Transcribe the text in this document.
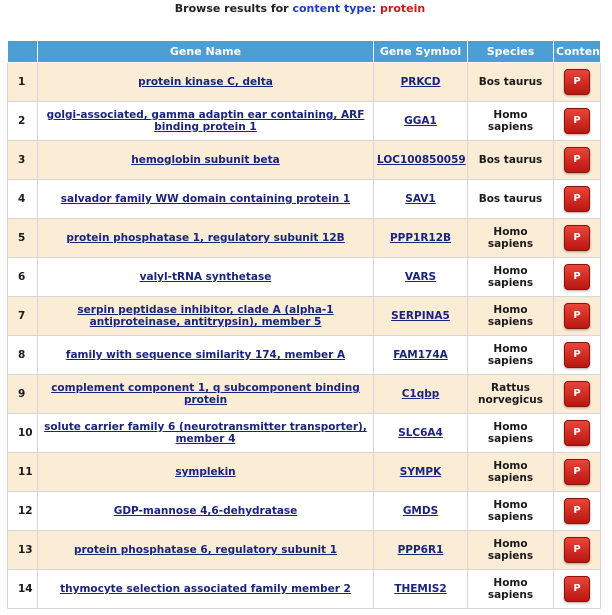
Browse results for content type: protein
	Gene Name	Gene Symbol	Species	Contents
1	protein kinase C, delta	PRKCD	Bos taurus	P
2	golgi-associated, gamma adaptin ear containing, ARF binding protein 1	GGA1	Homo sapiens	P
3	hemoglobin subunit beta	LOC100850059	Bos taurus	P
4	salvador family WW domain containing protein 1	SAV1	Bos taurus	P
5	protein phosphatase 1, regulatory subunit 12B	PPP1R12B	Homo sapiens	P
6	valyl-tRNA synthetase	VARS	Homo sapiens	P
7	serpin peptidase inhibitor, clade A (alpha-1 antiproteinase, antitrypsin), member 5	SERPINA5	Homo sapiens	P
8	family with sequence similarity 174, member A	FAM174A	Homo sapiens	P
9	complement component 1, q subcomponent binding protein	C1qbp	Rattus norvegicus	P
10	solute carrier family 6 (neurotransmitter transporter), member 4	SLC6A4	Homo sapiens	P
11	symplekin	SYMPK	Homo sapiens	P
12	GDP-mannose 4,6-dehydratase	GMDS	Homo sapiens	P
13	protein phosphatase 6, regulatory subunit 1	PPP6R1	Homo sapiens	P
14	thymocyte selection associated family member 2	THEMIS2	Homo sapiens	P
